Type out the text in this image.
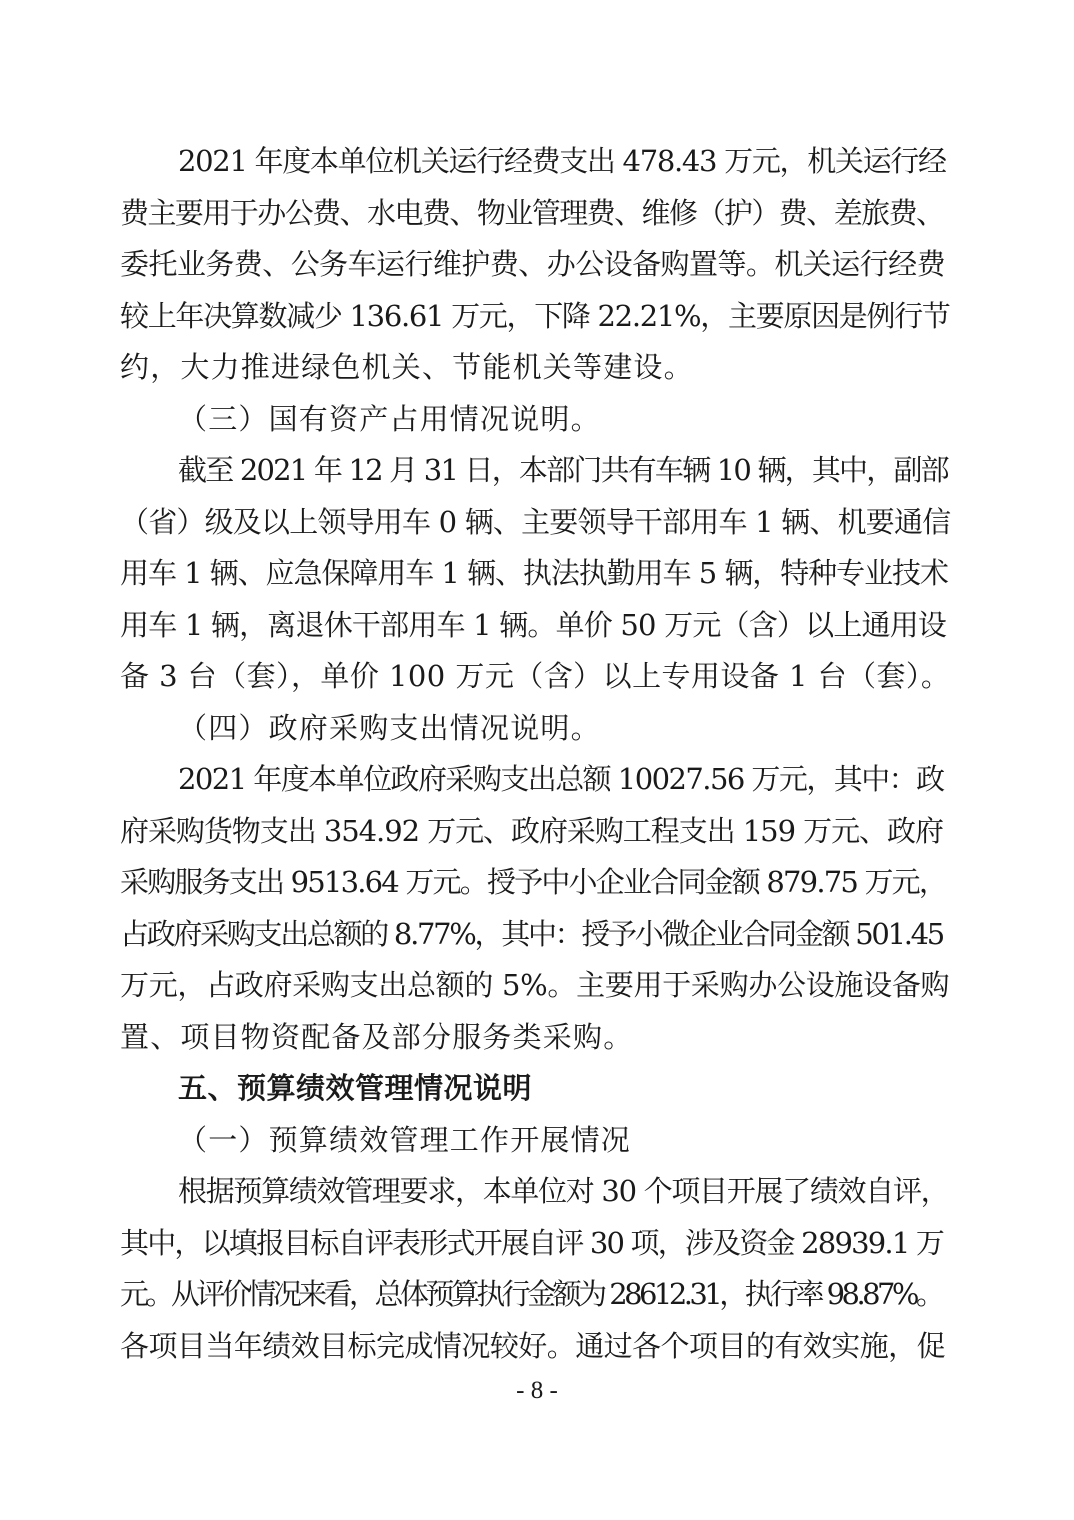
2021 年度本单位机关运行经费支出 478.43 万元，机关运行经
费主要用于办公费、水电费、物业管理费、维修（护）费、差旅费、
委托业务费、公务车运行维护费、办公设备购置等。机关运行经费
较上年决算数减少 136.61 万元，下降 22.21%，主要原因是例行节
约，大力推进绿色机关、节能机关等建设。
（三）国有资产占用情况说明。
截至 2021 年 12 月 31 日，本部门共有车辆 10 辆，其中，副部
（省）级及以上领导用车 0 辆、主要领导干部用车 1 辆、机要通信
用车 1 辆、应急保障用车 1 辆、执法执勤用车 5 辆，特种专业技术
用车 1 辆，离退休干部用车 1 辆。单价 50 万元（含）以上通用设
备 3 台（套），单价 100 万元（含）以上专用设备 1 台（套）。
（四）政府采购支出情况说明。
2021 年度本单位政府采购支出总额 10027.56 万元，其中：政
府采购货物支出 354.92 万元、政府采购工程支出 159 万元、政府
采购服务支出 9513.64 万元。授予中小企业合同金额 879.75 万元，
占政府采购支出总额的 8.77%，其中：授予小微企业合同金额 501.45
万元，占政府采购支出总额的 5%。主要用于采购办公设施设备购
置、项目物资配备及部分服务类采购。
五、预算绩效管理情况说明
（一）预算绩效管理工作开展情况
根据预算绩效管理要求，本单位对 30 个项目开展了绩效自评，
其中，以填报目标自评表形式开展自评 30 项，涉及资金 28939.1 万
元。从评价情况来看，总体预算执行金额为 28612.31，执行率 98.87%。
各项目当年绩效目标完成情况较好。通过各个项目的有效实施，促
- 8 -
